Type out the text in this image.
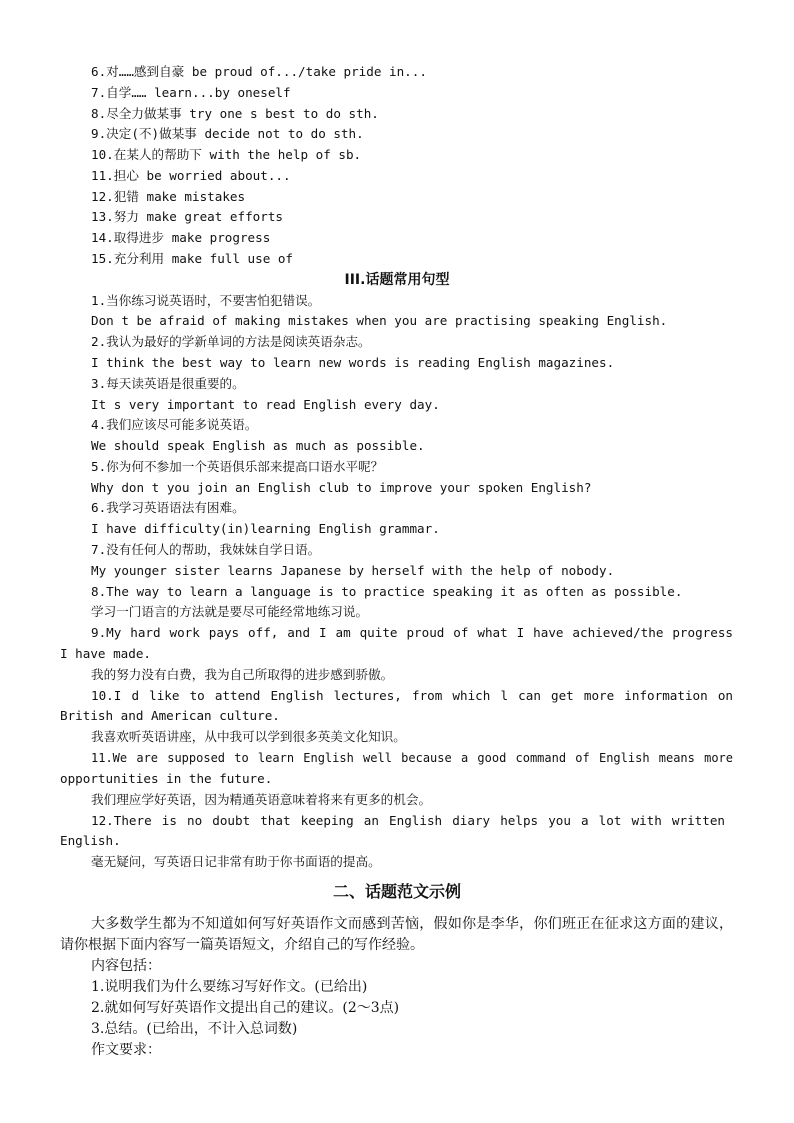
6.对……感到自豪 be proud of.../take pride in...
7.自学…… learn...by oneself
8.尽全力做某事 try one s best to do sth.
9.决定(不)做某事 decide not to do sth.
10.在某人的帮助下 with the help of sb.
11.担心 be worried about...
12.犯错 make mistakes
13.努力 make great efforts
14.取得进步 make progress
15.充分利用 make full use of
III.话题常用句型
1.当你练习说英语时，不要害怕犯错误。
Don t be afraid of making mistakes when you are practising speaking English.
2.我认为最好的学新单词的方法是阅读英语杂志。
I think the best way to learn new words is reading English magazines.
3.每天读英语是很重要的。
It s very important to read English every day.
4.我们应该尽可能多说英语。
We should speak English as much as possible.
5.你为何不参加一个英语俱乐部来提高口语水平呢？
Why don t you join an English club to improve your spoken English?
6.我学习英语语法有困难。
I have difficulty(in)learning English grammar.
7.没有任何人的帮助，我妹妹自学日语。
My younger sister learns Japanese by herself with the help of nobody.
8.The way to learn a language is to practice speaking it as often as possible.
学习一门语言的方法就是要尽可能经常地练习说。
9.My hard work pays off, and I am quite proud of what I have achieved/the progress
I have made.
我的努力没有白费，我为自己所取得的进步感到骄傲。
10.I d like to attend English lectures, from which l can get more information on
British and American culture.
我喜欢听英语讲座，从中我可以学到很多英美文化知识。
11.We are supposed to learn English well because a good command of English means more
opportunities in the future.
我们理应学好英语，因为精通英语意味着将来有更多的机会。
12.There is no doubt that keeping an English diary helps you a lot with written
English.
毫无疑问，写英语日记非常有助于你书面语的提高。
二、话题范文示例
大多数学生都为不知道如何写好英语作文而感到苦恼，假如你是李华，你们班正在征求这方面的建议，请你根据下面内容写一篇英语短文，介绍自己的写作经验。
内容包括：
1.说明我们为什么要练习写好作文。(已给出)
2.就如何写好英语作文提出自己的建议。(2～3点)
3.总结。(已给出，不计入总词数)
作文要求：
